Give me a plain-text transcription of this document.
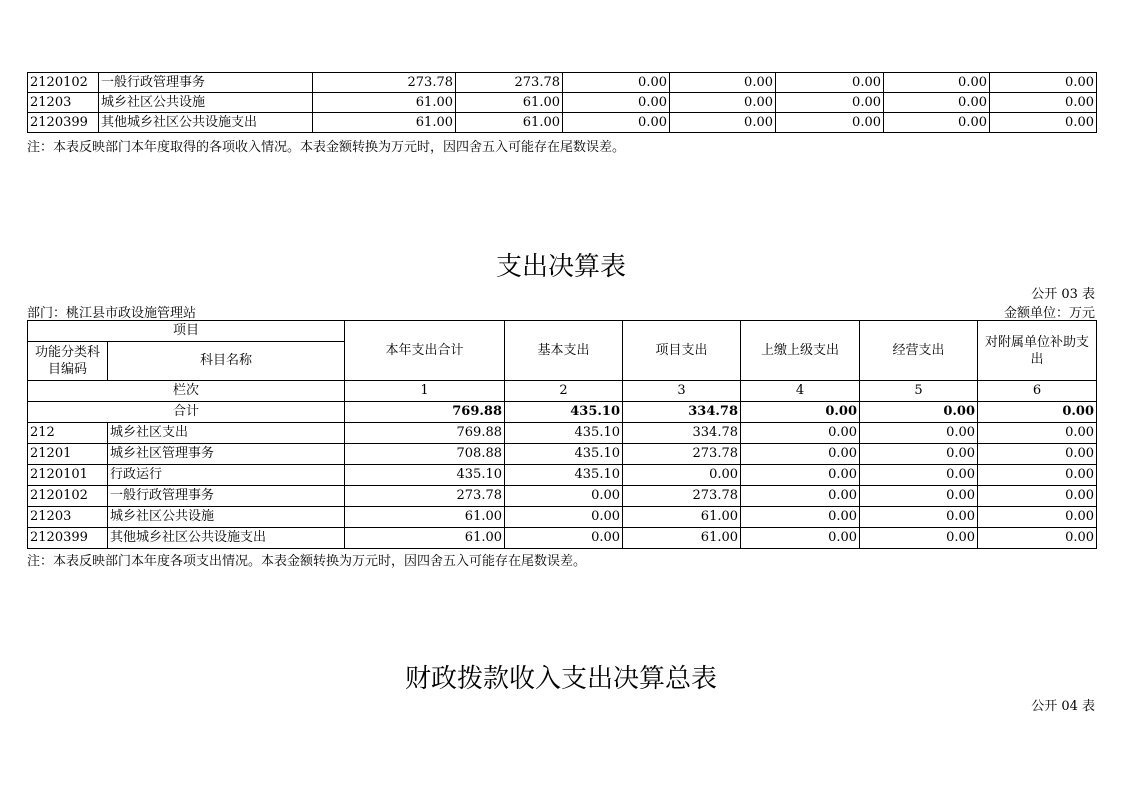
2120102	一般行政管理事务	273.78	273.78	0.00	0.00	0.00	0.00	0.00
21203	城乡社区公共设施	61.00	61.00	0.00	0.00	0.00	0.00	0.00
2120399	其他城乡社区公共设施支出	61.00	61.00	0.00	0.00	0.00	0.00	0.00
注：本表反映部门本年度取得的各项收入情况。本表金额转换为万元时，因四舍五入可能存在尾数误差。
支出决算表
公开 03 表
部门：桃江县市政设施管理站	金额单位：万元
项目		本年支出合计	基本支出	项目支出	上缴上级支出	经营支出	对附属单位补助支出
功能分类科目编码	科目名称						
栏次		1	2	3	4	5	6
合计		769.88	435.10	334.78	0.00	0.00	0.00
212	城乡社区支出	769.88	435.10	334.78	0.00	0.00	0.00
21201	城乡社区管理事务	708.88	435.10	273.78	0.00	0.00	0.00
2120101	行政运行	435.10	435.10	0.00	0.00	0.00	0.00
2120102	一般行政管理事务	273.78	0.00	273.78	0.00	0.00	0.00
21203	城乡社区公共设施	61.00	0.00	61.00	0.00	0.00	0.00
2120399	其他城乡社区公共设施支出	61.00	0.00	61.00	0.00	0.00	0.00
注：本表反映部门本年度各项支出情况。本表金额转换为万元时，因四舍五入可能存在尾数误差。
财政拨款收入支出决算总表
公开 04 表
